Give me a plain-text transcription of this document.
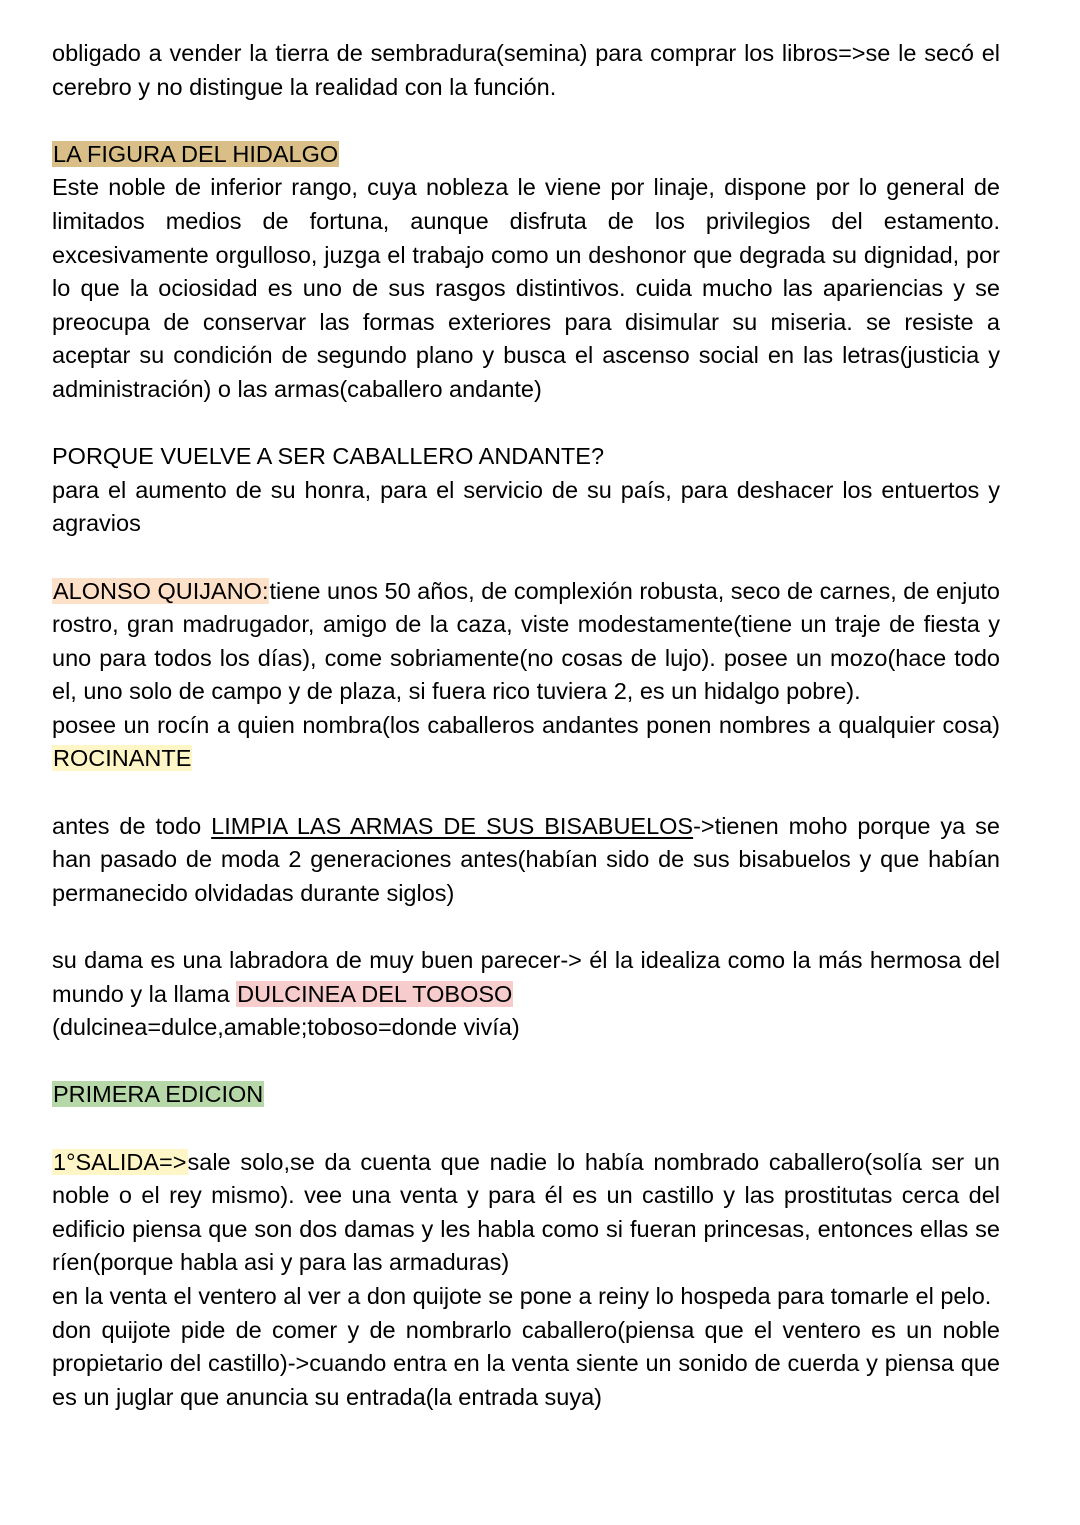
obligado a vender la tierra de sembradura(semina) para comprar los libros=>se le secó el cerebro y no distingue la realidad con la función.

LA FIGURA DEL HIDALGO

Este noble de inferior rango, cuya nobleza le viene por linaje, dispone por lo general de limitados medios de fortuna, aunque disfruta de los privilegios del estamento. excesivamente orgulloso, juzga el trabajo como un deshonor que degrada su dignidad, por lo que la ociosidad es uno de sus rasgos distintivos. cuida mucho las apariencias y se preocupa de conservar las formas exteriores para disimular su miseria. se resiste a aceptar su condición de segundo plano y busca el ascenso social en las letras(justicia y administración) o las armas(caballero andante)

PORQUE VUELVE A SER CABALLERO ANDANTE?

para el aumento de su honra, para el servicio de su país, para deshacer los entuertos y agravios

ALONSO QUIJANO:tiene unos 50 años, de complexión robusta, seco de carnes, de enjuto rostro, gran madrugador, amigo de la caza, viste modestamente(tiene un traje de fiesta y uno para todos los días), come sobriamente(no cosas de lujo). posee un mozo(hace todo el, uno solo de campo y de plaza, si fuera rico tuviera 2, es un hidalgo pobre).

posee un rocín a quien nombra(los caballeros andantes ponen nombres a qualquier cosa) ROCINANTE

antes de todo LIMPIA LAS ARMAS DE SUS BISABUELOS->tienen moho porque ya se han pasado de moda 2 generaciones antes(habían sido de sus bisabuelos y que habían permanecido olvidadas durante siglos)

su dama es una labradora de muy buen parecer-> él la idealiza como la más hermosa del mundo y la llama DULCINEA DEL TOBOSO

(dulcinea=dulce,amable;toboso=donde vivía)

PRIMERA EDICION

1°SALIDA=>sale solo,se da cuenta que nadie lo había nombrado caballero(solía ser un noble o el rey mismo). vee una venta y para él es un castillo y las prostitutas cerca del edificio piensa que son dos damas y les habla como si fueran princesas, entonces ellas se ríen(porque habla asi y para las armaduras)

en la venta el ventero al ver a don quijote se pone a reiny lo hospeda para tomarle el pelo.

don quijote pide de comer y de nombrarlo caballero(piensa que el ventero es un noble propietario del castillo)->cuando entra en la venta siente un sonido de cuerda y piensa que es un juglar que anuncia su entrada(la entrada suya)
